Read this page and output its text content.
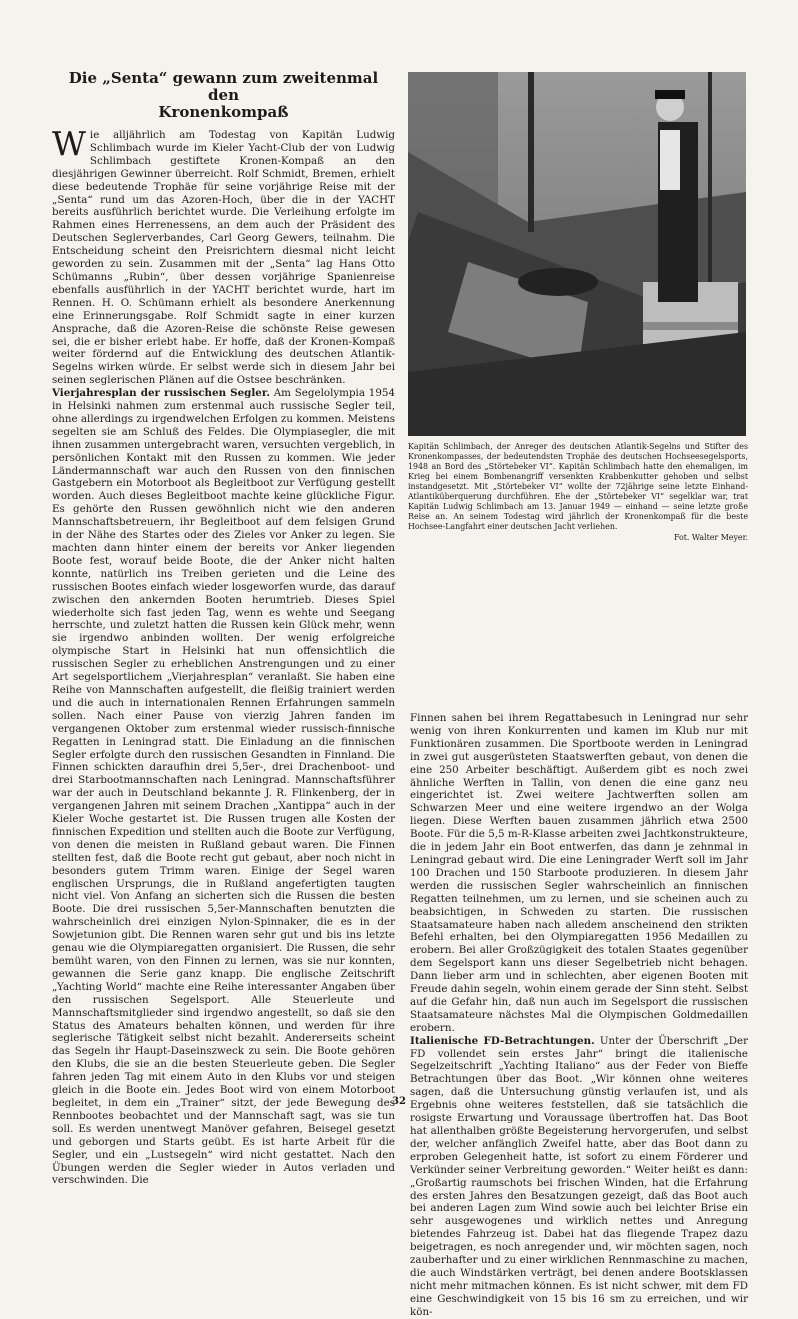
Die „Senta“ gewann zum zweitenmal den
Kronenkompaß

Wie alljährlich am Todestag von Kapitän Ludwig Schlimbach wurde im Kieler Yacht-Club der von Ludwig Schlimbach gestiftete Kronen-Kompaß an den diesjährigen Gewinner überreicht. Rolf Schmidt, Bremen, erhielt diese bedeutende Trophäe für seine vorjährige Reise mit der „Senta“ rund um das Azoren-Hoch, über die in der YACHT bereits ausführlich berichtet wurde. Die Verleihung erfolgte im Rahmen eines Herrenessens, an dem auch der Präsident des Deutschen Seglerverbandes, Carl Georg Gewers, teilnahm. Die Entscheidung scheint den Preisrichtern diesmal nicht leicht geworden zu sein. Zusammen mit der „Senta“ lag Hans Otto Schümanns „Rubin“, über dessen vorjährige Spanienreise ebenfalls ausführlich in der YACHT berichtet wurde, hart im Rennen. H. O. Schümann erhielt als besondere Anerkennung eine Erinnerungsgabe. Rolf Schmidt sagte in einer kurzen Ansprache, daß die Azoren-Reise die schönste Reise gewesen sei, die er bisher erlebt habe. Er hoffe, daß der Kronen-Kompaß weiter fördernd auf die Entwicklung des deutschen Atlantik-Segelns wirken würde. Er selbst werde sich in diesem Jahr bei seinen seglerischen Plänen auf die Ostsee beschränken.

Vierjahresplan der russischen Segler. Am Segelolympia 1954 in Helsinki nahmen zum erstenmal auch russische Segler teil, ohne allerdings zu irgendwelchen Erfolgen zu kommen. Meistens segelten sie am Schluß des Feldes. Die Olympiasegler, die mit ihnen zusammen untergebracht waren, versuchten vergeblich, in persönlichen Kontakt mit den Russen zu kommen. Wie jeder Ländermannschaft war auch den Russen von den finnischen Gastgebern ein Motorboot als Begleitboot zur Verfügung gestellt worden. Auch dieses Begleitboot machte keine glückliche Figur. Es gehörte den Russen gewöhnlich nicht wie den anderen Mannschaftsbetreuern, ihr Begleitboot auf dem felsigen Grund in der Nähe des Startes oder des Zieles vor Anker zu legen. Sie machten dann hinter einem der bereits vor Anker liegenden Boote fest, worauf beide Boote, die der Anker nicht halten konnte, natürlich ins Treiben gerieten und die Leine des russischen Bootes einfach wieder losgeworfen wurde, das darauf zwischen den ankernden Booten herumtrieb. Dieses Spiel wiederholte sich fast jeden Tag, wenn es wehte und Seegang herrschte, und zuletzt hatten die Russen kein Glück mehr, wenn sie irgendwo anbinden wollten. Der wenig erfolgreiche olympische Start in Helsinki hat nun offensichtlich die russischen Segler zu erheblichen Anstrengungen und zu einer Art segelsportlichem „Vierjahresplan“ veranlaßt. Sie haben eine Reihe von Mannschaften aufgestellt, die fleißig trainiert werden und die auch in internationalen Rennen Erfahrungen sammeln sollen. Nach einer Pause von vierzig Jahren fanden im vergangenen Oktober zum erstenmal wieder russisch-finnische Regatten in Leningrad statt. Die Einladung an die finnischen Segler erfolgte durch den russischen Gesandten in Finnland. Die Finnen schickten daraufhin drei 5,5er-, drei Drachenboot- und drei Starbootmannschaften nach Leningrad. Mannschaftsführer war der auch in Deutschland bekannte J. R. Flinkenberg, der in vergangenen Jahren mit seinem Drachen „Xantippa“ auch in der Kieler Woche gestartet ist. Die Russen trugen alle Kosten der finnischen Expedition und stellten auch die Boote zur Verfügung, von denen die meisten in Rußland gebaut waren. Die Finnen stellten fest, daß die Boote recht gut gebaut, aber noch nicht in besonders gutem Trimm waren. Einige der Segel waren englischen Ursprungs, die in Rußland angefertigten taugten nicht viel. Von Anfang an sicherten sich die Russen die besten Boote. Die drei russischen 5,5er-Mannschaften benutzten die wahrscheinlich drei einzigen Nylon-Spinnaker, die es in der Sowjetunion gibt. Die Rennen waren sehr gut und bis ins letzte genau wie die Olympiaregatten organisiert. Die Russen, die sehr bemüht waren, von den Finnen zu lernen, was sie nur konnten, gewannen die Serie ganz knapp. Die englische Zeitschrift „Yachting World“ machte eine Reihe interessanter Angaben über den russischen Segelsport. Alle Steuerleute und Mannschaftsmitglieder sind irgendwo angestellt, so daß sie den Status des Amateurs behalten können, und werden für ihre seglerische Tätigkeit selbst nicht bezahlt. Andererseits scheint das Segeln ihr Haupt-Daseinszweck zu sein. Die Boote gehören den Klubs, die sie an die besten Steuerleute geben. Die Segler fahren jeden Tag mit einem Auto in den Klubs vor und steigen gleich in die Boote ein. Jedes Boot wird von einem Motorboot begleitet, in dem ein „Trainer“ sitzt, der jede Bewegung des Rennbootes beobachtet und der Mannschaft sagt, was sie tun soll. Es werden unentwegt Manöver gefahren, Beisegel gesetzt und geborgen und Starts geübt. Es ist harte Arbeit für die Segler, und ein „Lustsegeln“ wird nicht gestattet. Nach den Übungen werden die Segler wieder in Autos verladen und verschwinden. Die

Kapitän Schlimbach, der Anreger des deutschen Atlantik-Segelns und Stifter des Kronenkompasses, der bedeutendsten Trophäe des deutschen Hochseesegelsports, 1948 an Bord des „Störtebeker VI“. Kapitän Schlimbach hatte den ehemaligen, im Krieg bei einem Bombenangriff versenkten Krabbenkutter gehoben und selbst instandgesetzt. Mit „Störtebeker VI“ wollte der 72jährige seine letzte Einhand-Atlantiküberquerung durchführen. Ehe der „Störtebeker VI“ segelklar war, trat Kapitän Ludwig Schlimbach am 13. Januar 1949 — einhand — seine letzte große Reise an. An seinem Todestag wird jährlich der Kronenkompaß für die beste Hochsee-Langfahrt einer deutschen Jacht verliehen.
Fot. Walter Meyer.

Finnen sahen bei ihrem Regattabesuch in Leningrad nur sehr wenig von ihren Konkurrenten und kamen im Klub nur mit Funktionären zusammen. Die Sportboote werden in Leningrad in zwei gut ausgerüsteten Staatswerften gebaut, von denen die eine 250 Arbeiter beschäftigt. Außerdem gibt es noch zwei ähnliche Werften in Tallin, von denen die eine ganz neu eingerichtet ist. Zwei weitere Jachtwerften sollen am Schwarzen Meer und eine weitere irgendwo an der Wolga liegen. Diese Werften bauen zusammen jährlich etwa 2500 Boote. Für die 5,5 m-R-Klasse arbeiten zwei Jachtkonstrukteure, die in jedem Jahr ein Boot entwerfen, das dann je zehnmal in Leningrad gebaut wird. Die eine Leningrader Werft soll im Jahr 100 Drachen und 150 Starboote produzieren. In diesem Jahr werden die russischen Segler wahrscheinlich an finnischen Regatten teilnehmen, um zu lernen, und sie scheinen auch zu beabsichtigen, in Schweden zu starten. Die russischen Staatsamateure haben nach alledem anscheinend den strikten Befehl erhalten, bei den Olympiaregatten 1956 Medaillen zu erobern. Bei aller Großzügigkeit des totalen Staates gegenüber dem Segelsport kann uns dieser Segelbetrieb nicht behagen. Dann lieber arm und in schlechten, aber eigenen Booten mit Freude dahin segeln, wohin einem gerade der Sinn steht. Selbst auf die Gefahr hin, daß nun auch im Segelsport die russischen Staatsamateure nächstes Mal die Olympischen Goldmedaillen erobern.

Italienische FD-Betrachtungen. Unter der Überschrift „Der FD vollendet sein erstes Jahr“ bringt die italienische Segelzeitschrift „Yachting Italiano“ aus der Feder von Bieffe Betrachtungen über das Boot. „Wir können ohne weiteres sagen, daß die Untersuchung günstig verlaufen ist, und als Ergebnis ohne weiteres feststellen, daß sie tatsächlich die rosigste Erwartung und Voraussage übertroffen hat. Das Boot hat allenthalben größte Begeisterung hervorgerufen, und selbst der, welcher anfänglich Zweifel hatte, aber das Boot dann zu erproben Gelegenheit hatte, ist sofort zu einem Förderer und Verkünder seiner Verbreitung geworden.“ Weiter heißt es dann: „Großartig raumschots bei frischen Winden, hat die Erfahrung des ersten Jahres den Besatzungen gezeigt, daß das Boot auch bei anderen Lagen zum Wind sowie auch bei leichter Brise ein sehr ausgewogenes und wirklich nettes und Anregung bietendes Fahrzeug ist. Dabei hat das fliegende Trapez dazu beigetragen, es noch anregender und, wir möchten sagen, noch zauberhafter und zu einer wirklichen Rennmaschine zu machen, die auch Windstärken verträgt, bei denen andere Bootsklassen nicht mehr mitmachen können. Es ist nicht schwer, mit dem FD eine Geschwindigkeit von 15 bis 16 sm zu erreichen, und wir kön-

32
